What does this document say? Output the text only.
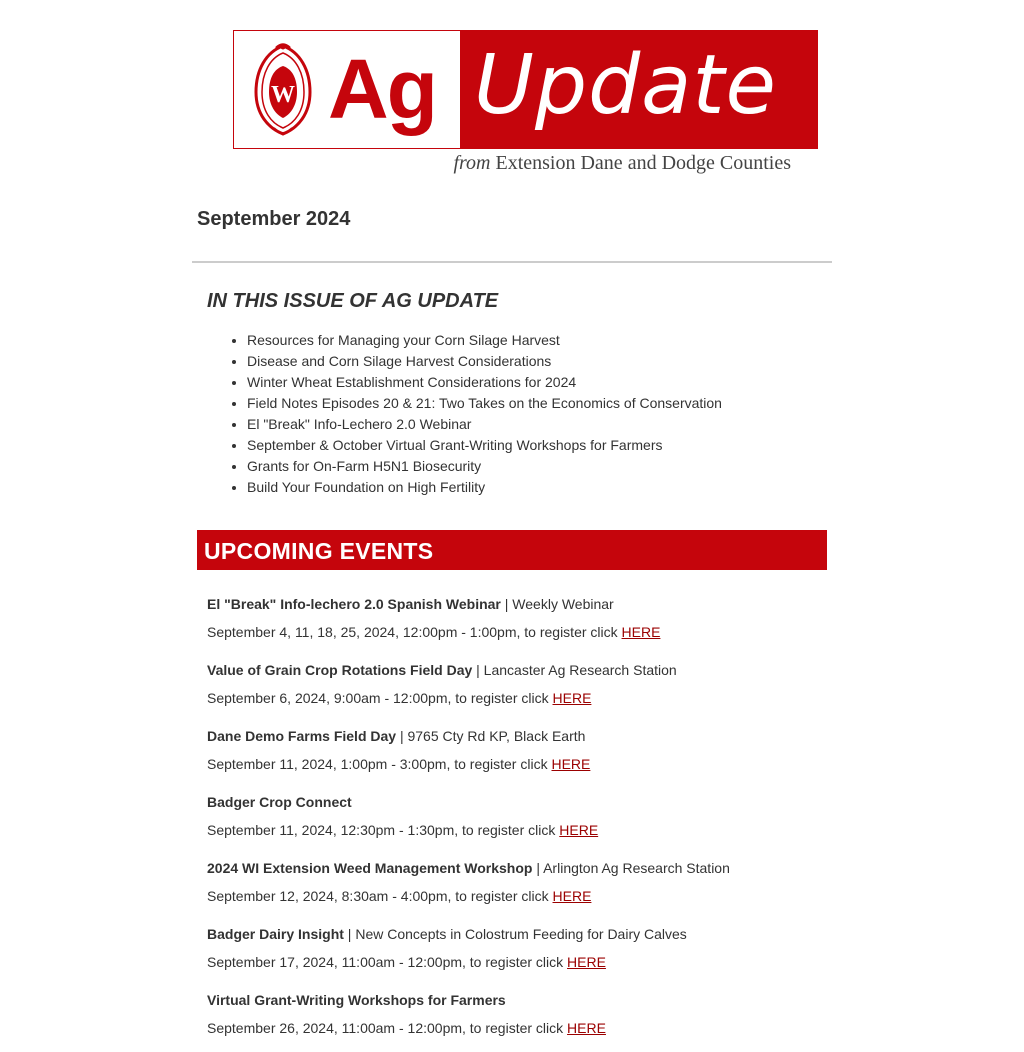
W Ag Update
from Extension Dane and Dodge Counties
September 2024
IN THIS ISSUE OF AG UPDATE
• Resources for Managing your Corn Silage Harvest
• Disease and Corn Silage Harvest Considerations
• Winter Wheat Establishment Considerations for 2024
• Field Notes Episodes 20 & 21: Two Takes on the Economics of Conservation
• El "Break" Info-Lechero 2.0 Webinar
• September & October Virtual Grant-Writing Workshops for Farmers
• Grants for On-Farm H5N1 Biosecurity
• Build Your Foundation on High Fertility
UPCOMING EVENTS
El "Break" Info-lechero 2.0 Spanish Webinar | Weekly Webinar
September 4, 11, 18, 25, 2024, 12:00pm - 1:00pm, to register click HERE
Value of Grain Crop Rotations Field Day | Lancaster Ag Research Station
September 6, 2024, 9:00am - 12:00pm, to register click HERE
Dane Demo Farms Field Day | 9765 Cty Rd KP, Black Earth
September 11, 2024, 1:00pm - 3:00pm, to register click HERE
Badger Crop Connect
September 11, 2024, 12:30pm - 1:30pm, to register click HERE
2024 WI Extension Weed Management Workshop | Arlington Ag Research Station
September 12, 2024, 8:30am - 4:00pm, to register click HERE
Badger Dairy Insight | New Concepts in Colostrum Feeding for Dairy Calves
September 17, 2024, 11:00am - 12:00pm, to register click HERE
Virtual Grant-Writing Workshops for Farmers
September 26, 2024, 11:00am - 12:00pm, to register click HERE
